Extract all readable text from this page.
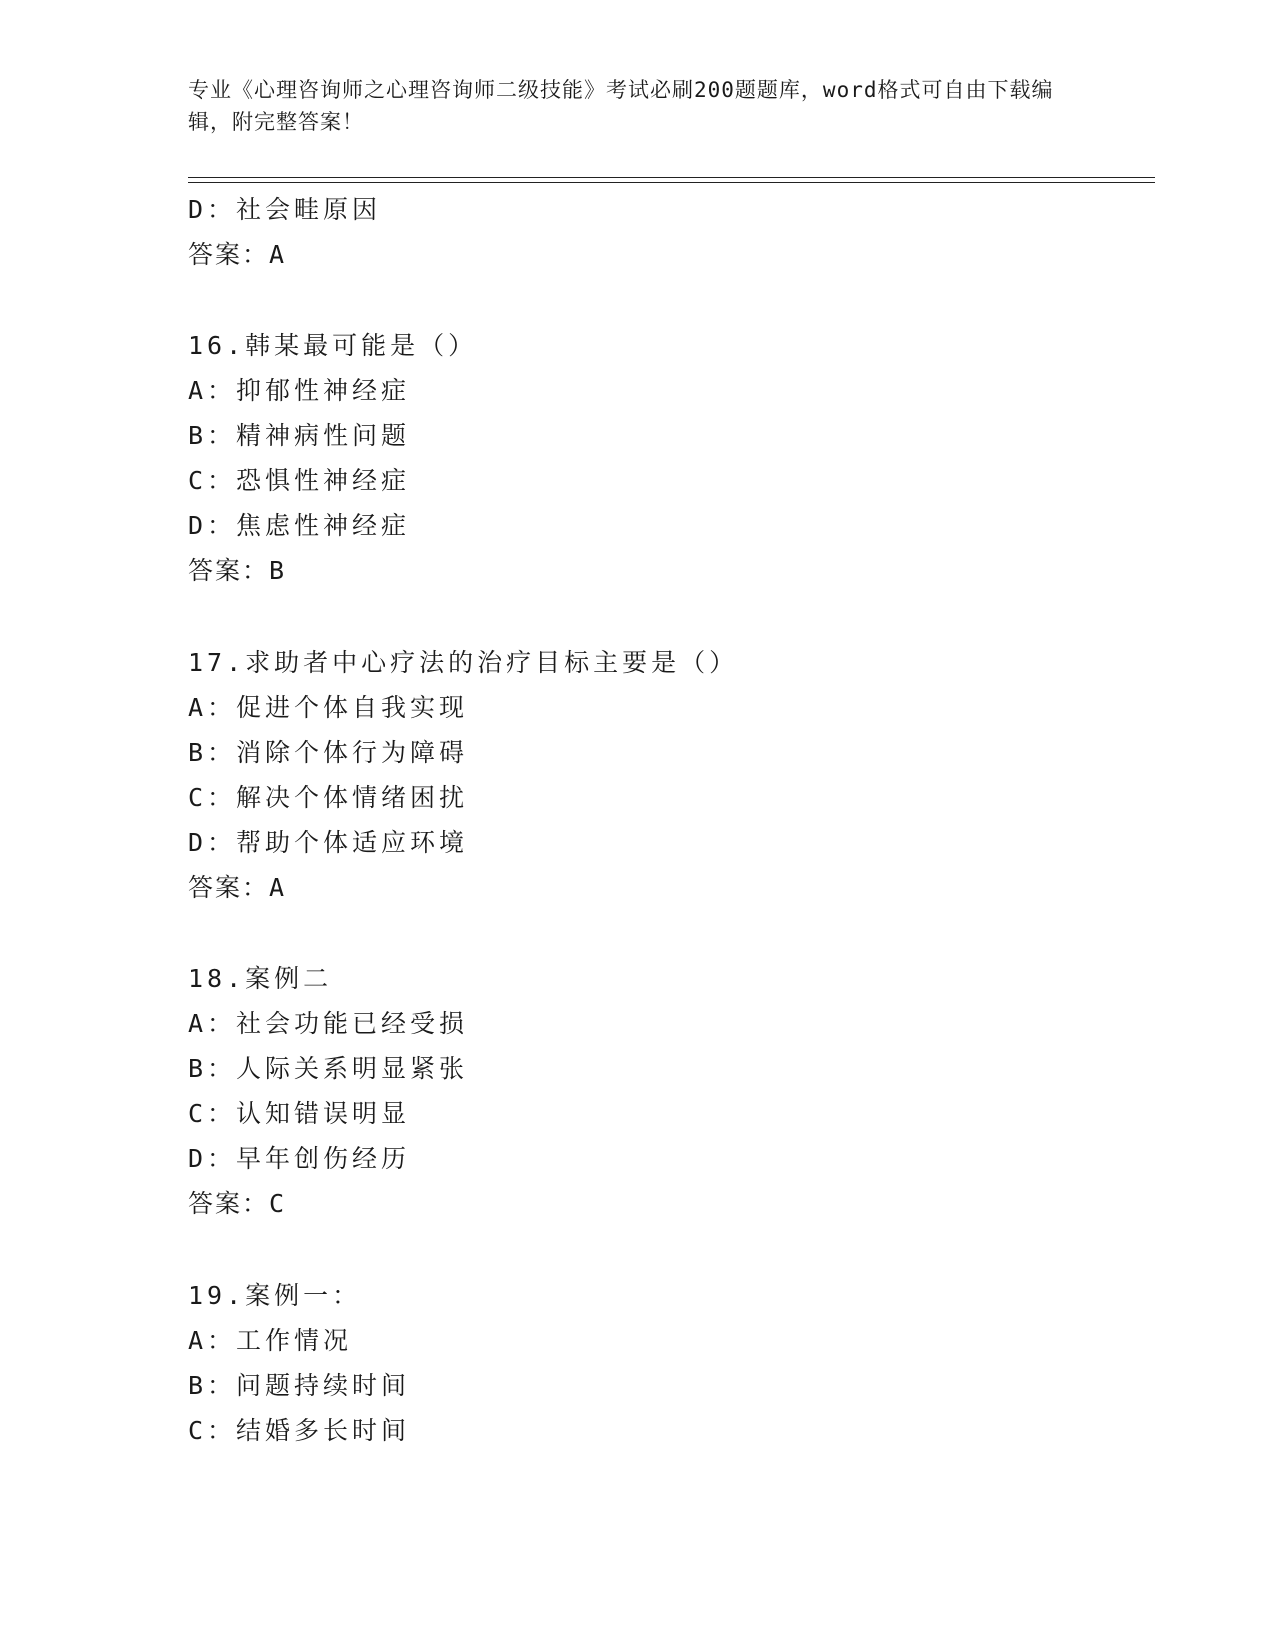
专业《心理咨询师之心理咨询师二级技能》考试必刷200题题库，word格式可自由下载编辑，附完整答案！
D：社会畦原因
答案：A
16.韩某最可能是（）
A：抑郁性神经症
B：精神病性问题
C：恐惧性神经症
D：焦虑性神经症
答案：B
17.求助者中心疗法的治疗目标主要是（）
A：促进个体自我实现
B：消除个体行为障碍
C：解决个体情绪困扰
D：帮助个体适应环境
答案：A
18.案例二
A：社会功能已经受损
B：人际关系明显紧张
C：认知错误明显
D：早年创伤经历
答案：C
19.案例一：
A：工作情况
B：问题持续时间
C：结婚多长时间
